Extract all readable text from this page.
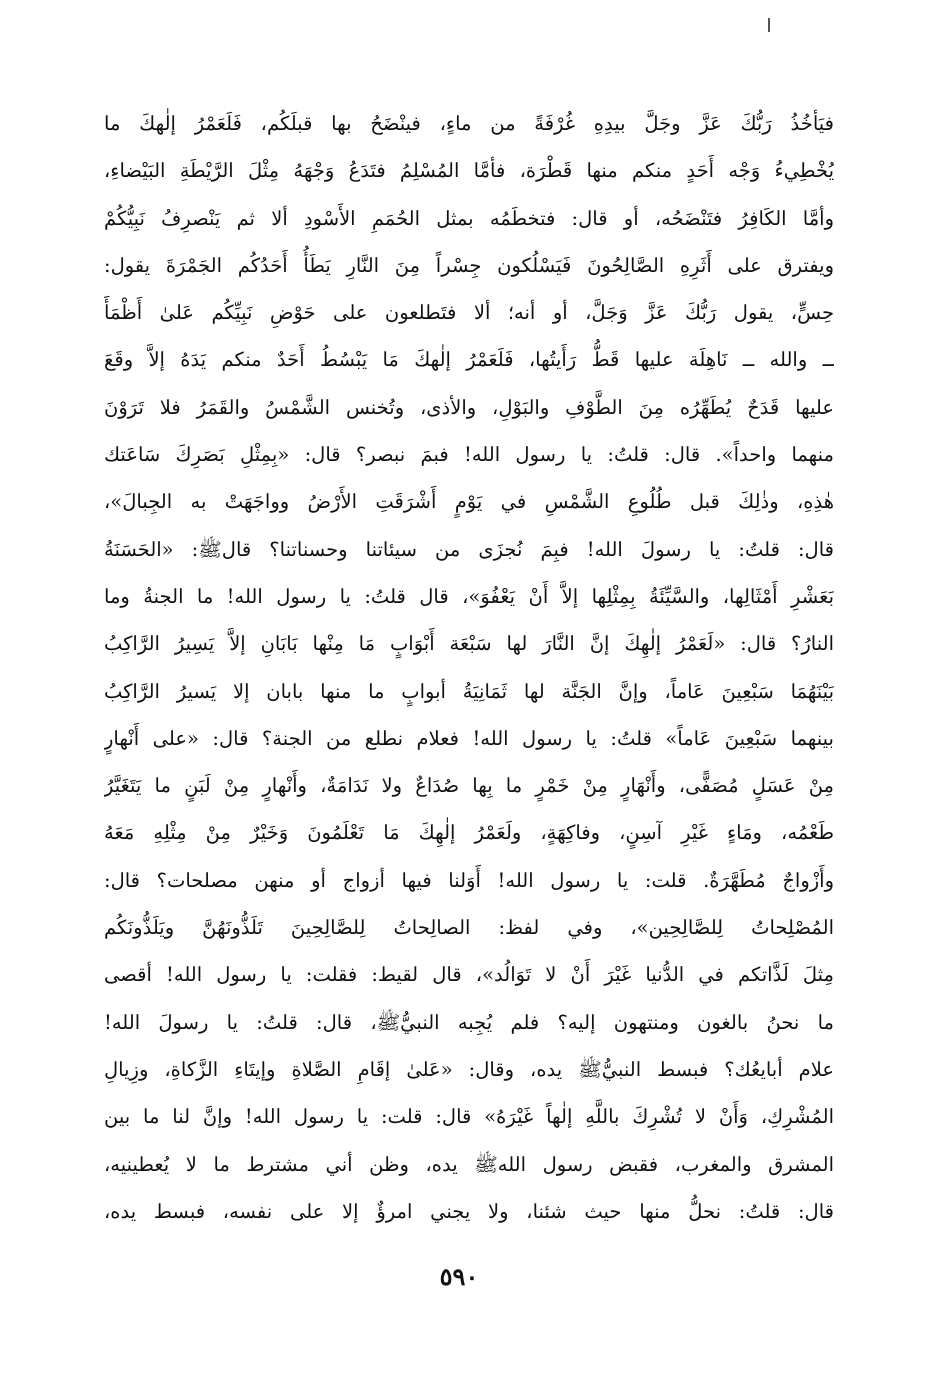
فيَأخُذُ رَبُّكَ عَزَّ وجَلَّ بيدِهِ غُرْفَةً من ماءٍ، فينْضَحُ بها قبلَكُم، فَلَعَمْرُ إلٰهكَ ما
يُخْطِيءُ وَجْه أَحَدٍ منكم منها قَطْرَة، فأمَّا المُسْلِمُ فتَدَعُ وَجْهَهُ مِثْلَ الرَّيْطَةِ البَيْضاءِ،
وأمَّا الكَافِرُ فتَنْضَحُه، أو قال: فتخطَمُه بمثل الحُمَمِ الأَسْودِ ألا ثم يَنْصرِفُ نَبِيُّكُمْ
ويفترق على أَثَرِهِ الصَّالِحُونَ فَيَسْلُكون جِسْراً مِنَ النَّارِ يَطَأُ أَحَدُكُم الجَمْرَةَ يقول:
حِسٍّ، يقول رَبُّكَ عَزَّ وَجَلَّ، أو أنه؛ ألا فتَطلعون على حَوْضِ نَبِيِّكُم عَلىٰ أَظْمَأَ
ــ والله ــ نَاهِلَة عليها قَطُّ رَأَيتُها، فَلَعَمْرُ إلٰهكَ مَا يَبْسُطُ أَحَدٌ منكم يَدَهُ إلاَّ وقَعَ
عليها قَدَحٌ يُطَهِّرُه مِنَ الطَّوْفِ والبَوْلِ، والأذى، وتُخنس الشَّمْسُ والقَمَرُ فلا تَرَوْنَ
منهما واحداً». قال: قلتُ: يا رسول الله! فبمَ نبصر؟ قال: «بِمِثْلِ بَصَرِكَ سَاعَتك
هٰذِهِ، وذٰلِكَ قبل طُلُوعِ الشَّمْسِ في يَوْمٍ أَشْرَقَتِ الأَرْضُ وواجَهَتْ به الجِبالَ»،
قال: قلتُ: يا رسولَ الله! فبِمَ نُجزَى من سيئاتنا وحسناتنا؟ قالﷺ: «الحَسَنَةُ
بَعَشْرِ أَمْثَالِها، والسَّيِّئَةُ بِمِثْلِها إلاَّ أَنْ يَعْفُوَ»، قال قلتُ: يا رسول الله! ما الجنةُ وما
النارُ؟ قال: «لَعَمْرُ إلٰهِكَ إنَّ النَّارَ لها سَبْعَة أَبْوَابٍ مَا مِنْها بَابَانِ إلاَّ يَسِيرُ الرَّاكِبُ
بَيْنَهُمَا سَبْعِينَ عَاماً، وإنَّ الجَنَّة لها ثَمَانِيَةُ أبوابٍ ما منها بابان إلا يَسيرُ الرَّاكِبُ
بينهما سَبْعِينَ عَاماً» قلتُ: يا رسول الله! فعلام نطلع من الجنة؟ قال: «على أَنْهارٍ
مِنْ عَسَلٍ مُصَفًّى، وأَنْهَارٍ مِنْ خَمْرٍ ما بِها صُدَاعٌ ولا نَدَامَةٌ، وأَنْهارٍ مِنْ لَبَنٍ ما يَتَغَيَّرُ
طَعْمُه، ومَاءٍ غَيْرِ آسِنٍ، وفاكِهَةٍ، ولَعَمْرُ إلٰهِكَ مَا تَعْلَمُونَ وَخَيْرٌ مِنْ مِثْلِهِ مَعَهُ
وأَزْواجٌ مُطَهَّرَةٌ. قلت: يا رسول الله! أَوَلنا فيها أزواج أو منهن مصلحات؟ قال:
المُصْلِحاتُ لِلصَّالِحِين»، وفي لفظ: الصالِحاتُ لِلصَّالِحِينَ تَلَذُّونَهُنَّ ويَلَذُّونَكُم
مِثلَ لَذَّاتكم في الدُّنيا غَيْرَ أَنْ لا تَوَالُد»، قال لقيط: فقلت: يا رسول الله! أقصى
ما نحنُ بالغون ومنتهون إليه؟ فلم يُجِبه النبيُّﷺ، قال: قلتُ: يا رسولَ الله!
علام أبايعُك؟ فبسط النبيُّﷺ يده، وقال: «عَلىٰ إقَامِ الصَّلاةِ وإيتَاءِ الزَّكاةِ، وزِيالِ
المُشْرِكِ، وَأَنْ لا تُشْرِكَ باللَّهِ إلٰهاً غَيْرَهُ» قال: قلت: يا رسول الله! وإنَّ لنا ما بين
المشرق والمغرب، فقبض رسول اللهﷺ يده، وظن أني مشترط ما لا يُعطينيه،
قال: قلتُ: نحلُّ منها حيث شئنا، ولا يجني امرؤٌ إلا على نفسه، فبسط يده،
٥٩٠
